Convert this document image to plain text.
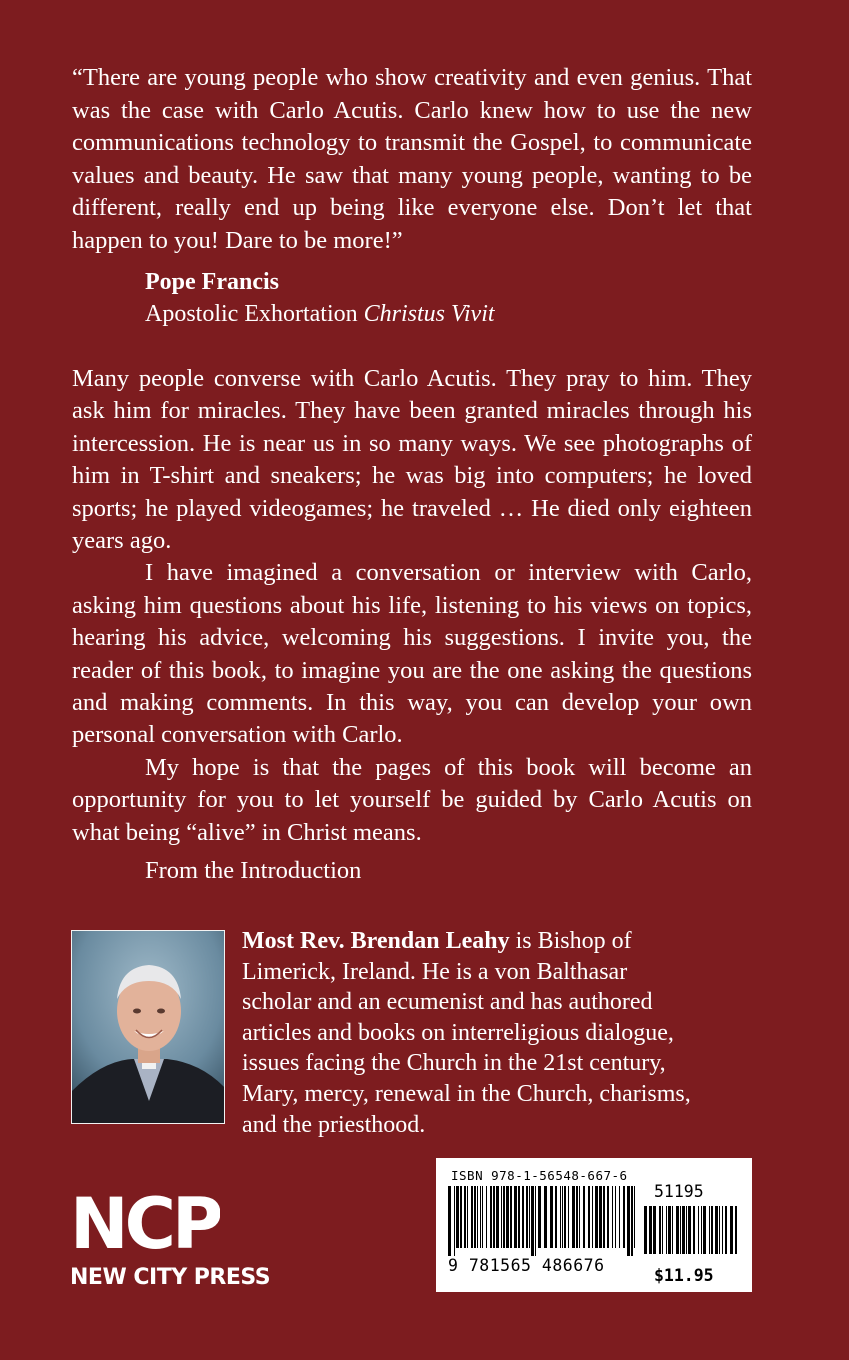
“There are young people who show creativity and even genius. That was the case with Carlo Acutis. Carlo knew how to use the new communications technology to transmit the Gospel, to communicate values and beauty. He saw that many young people, wanting to be different, really end up being like everyone else. Don’t let that happen to you! Dare to be more!”

Pope Francis
Apostolic Exhortation Christus Vivit

Many people converse with Carlo Acutis. They pray to him. They ask him for miracles. They have been granted miracles through his intercession. He is near us in so many ways. We see photographs of him in T-shirt and sneakers; he was big into computers; he loved sports; he played videogames; he traveled … He died only eighteen years ago.

I have imagined a conversation or interview with Carlo, asking him questions about his life, listening to his views on topics, hearing his advice, welcoming his suggestions. I invite you, the reader of this book, to imagine you are the one asking the questions and making comments. In this way, you can develop your own personal conversation with Carlo.

My hope is that the pages of this book will become an opportunity for you to let yourself be guided by Carlo Acutis on what being “alive” in Christ means.

From the Introduction

Most Rev. Brendan Leahy is Bishop of Limerick, Ireland. He is a von Balthasar scholar and an ecumenist and has authored articles and books on interreligious dialogue, issues facing the Church in the 21st century, Mary, mercy, renewal in the Church, charisms, and the priesthood.
ISBN 978-1-56548-667-6
51195
9 781565 486676
$11.95
NCP
NEW CITY PRESS
